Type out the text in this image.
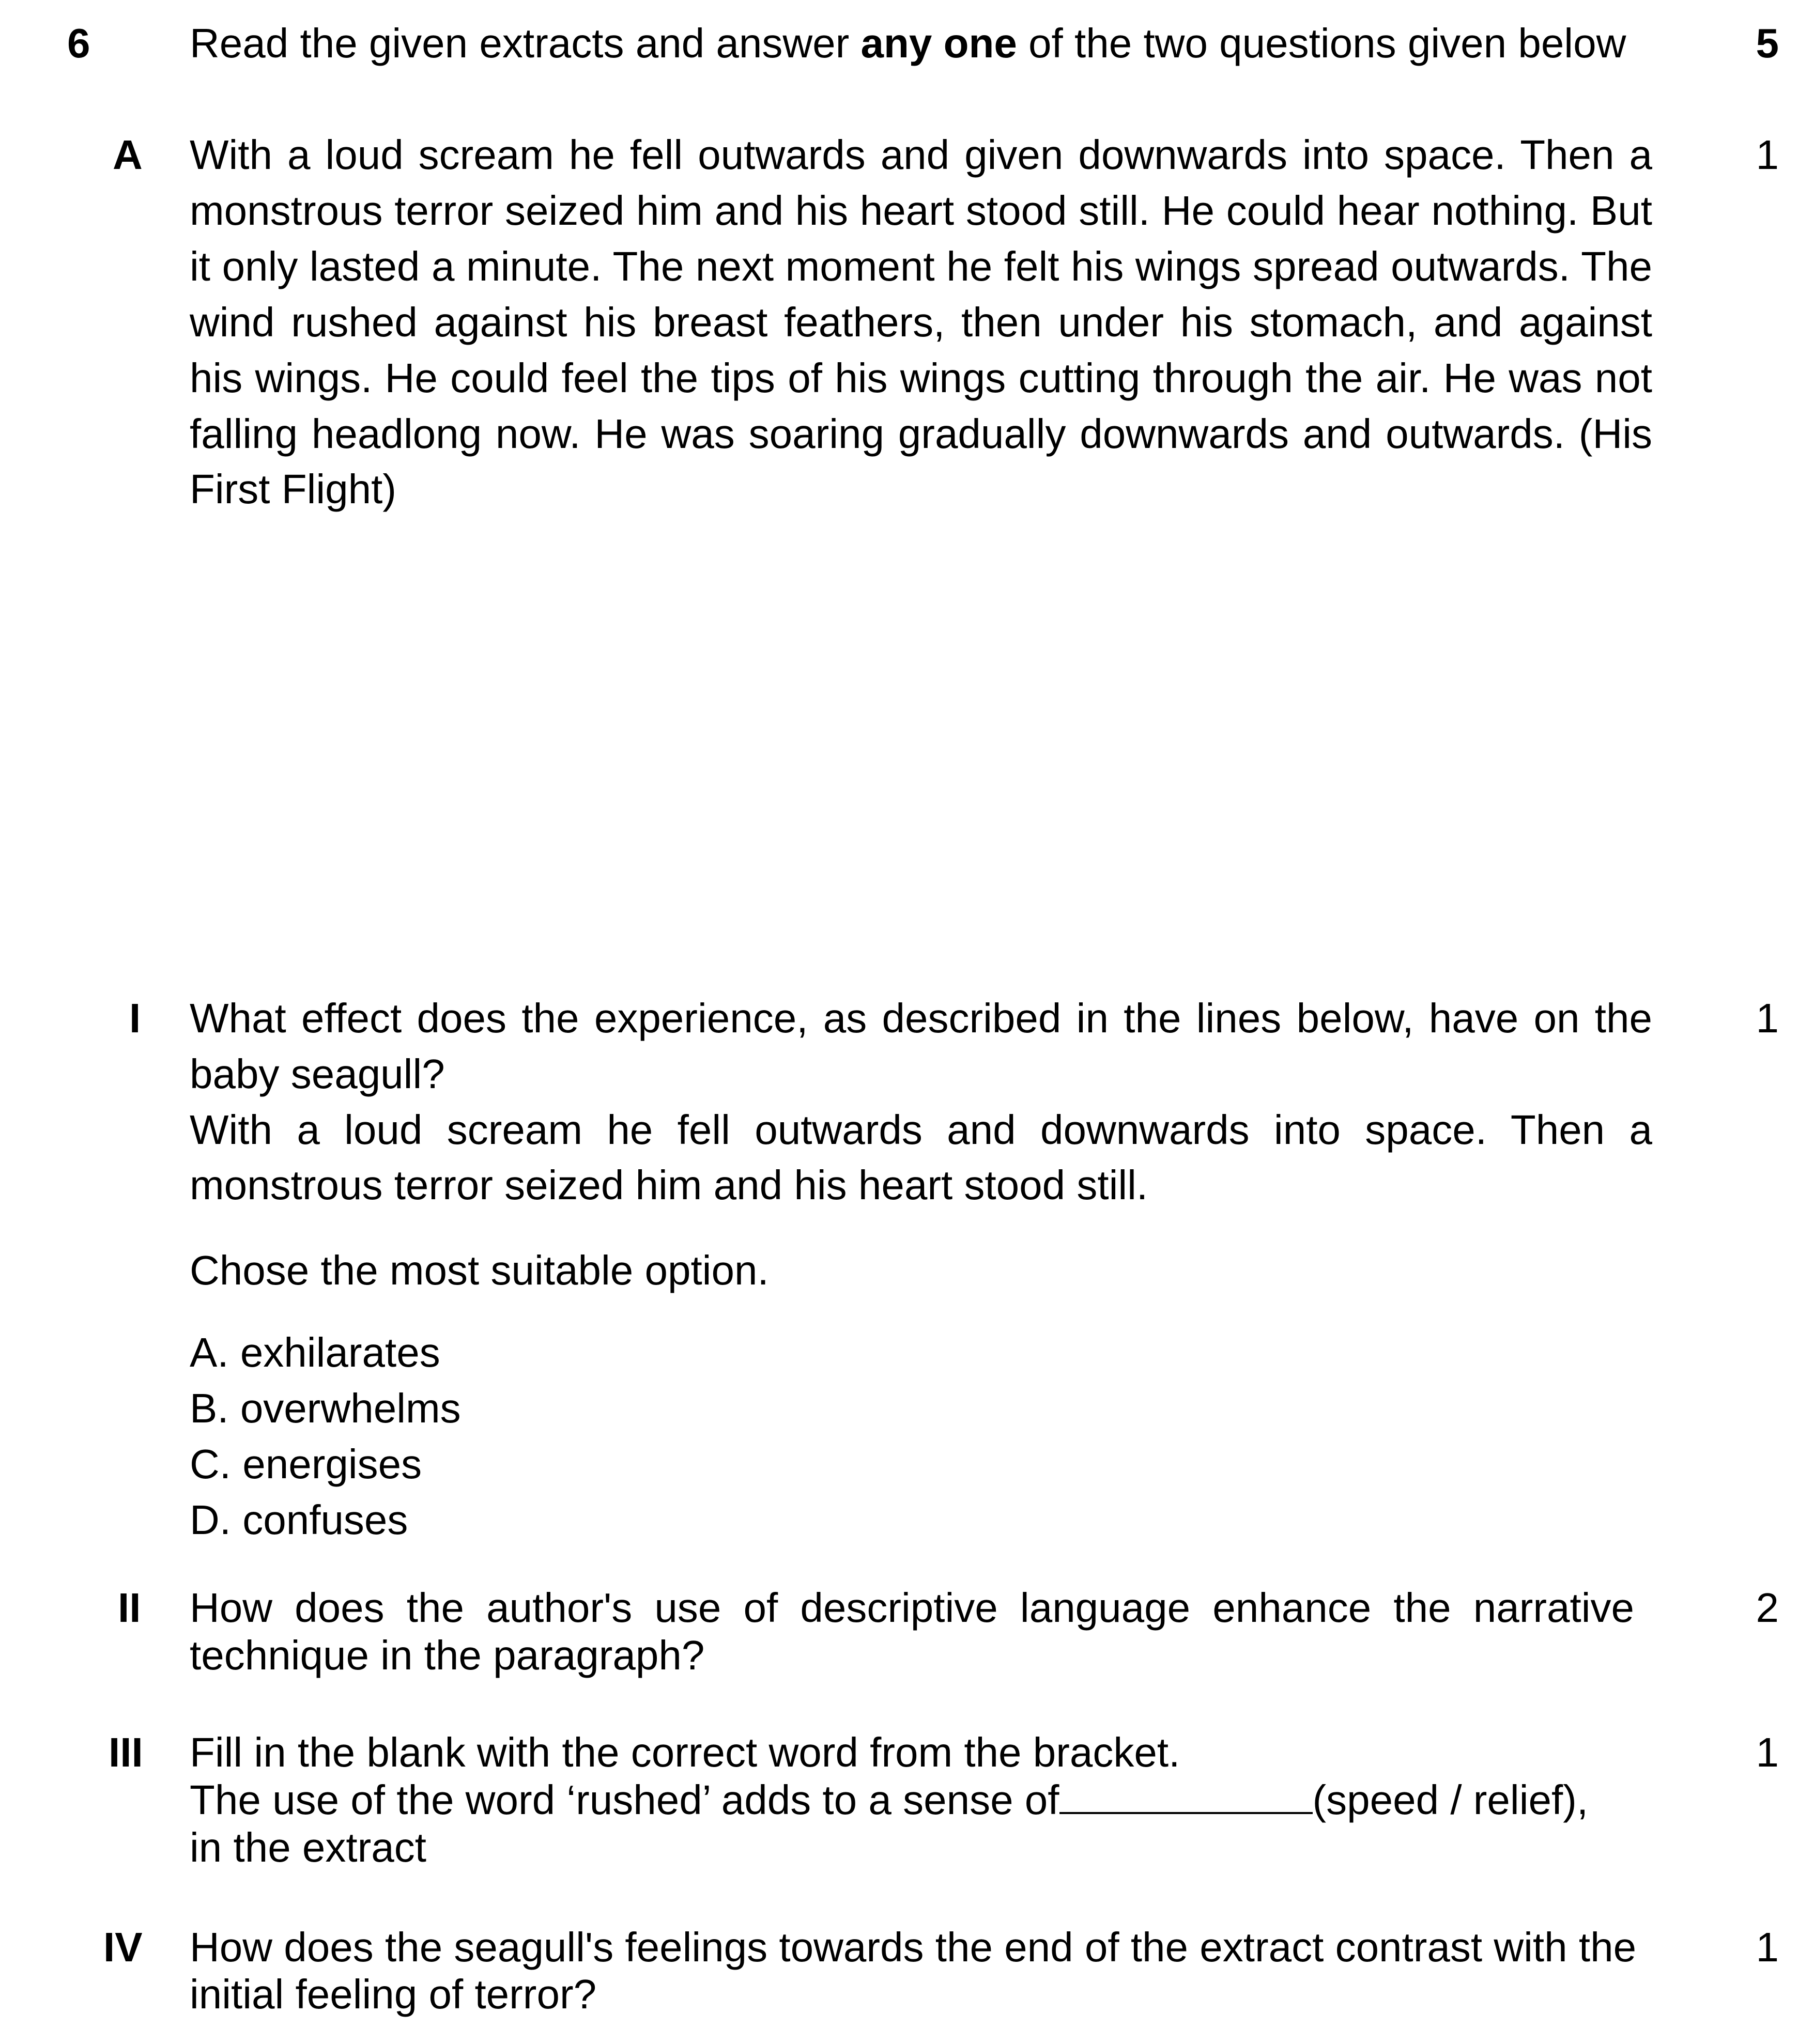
6 Read the given extracts and answer any one of the two questions given below	5
A	1
With a loud scream he fell outwards and given downwards into space. Then a
monstrous terror seized him and his heart stood still. He could hear nothing. But
it only lasted a minute. The next moment he felt his wings spread outwards. The
wind rushed against his breast feathers, then under his stomach, and against
his wings. He could feel the tips of his wings cutting through the air. He was not
falling headlong now. He was soaring gradually downwards and outwards. (His
First Flight)
I	1
What effect does the experience, as described in the lines below, have on the
baby seagull?
With a loud scream he fell outwards and downwards into space. Then a
monstrous terror seized him and his heart stood still.
Chose the most suitable option.
A. exhilarates
B. overwhelms
C. energises
D. confuses
II	2
How does the author's use of descriptive language enhance the narrative
technique in the paragraph?
III	1
Fill in the blank with the correct word from the bracket.
The use of the word ‘rushed’ adds to a sense of	(speed / relief),
in the extract
IV	1
How does the seagull's feelings towards the end of the extract contrast with the
initial feeling of terror?
